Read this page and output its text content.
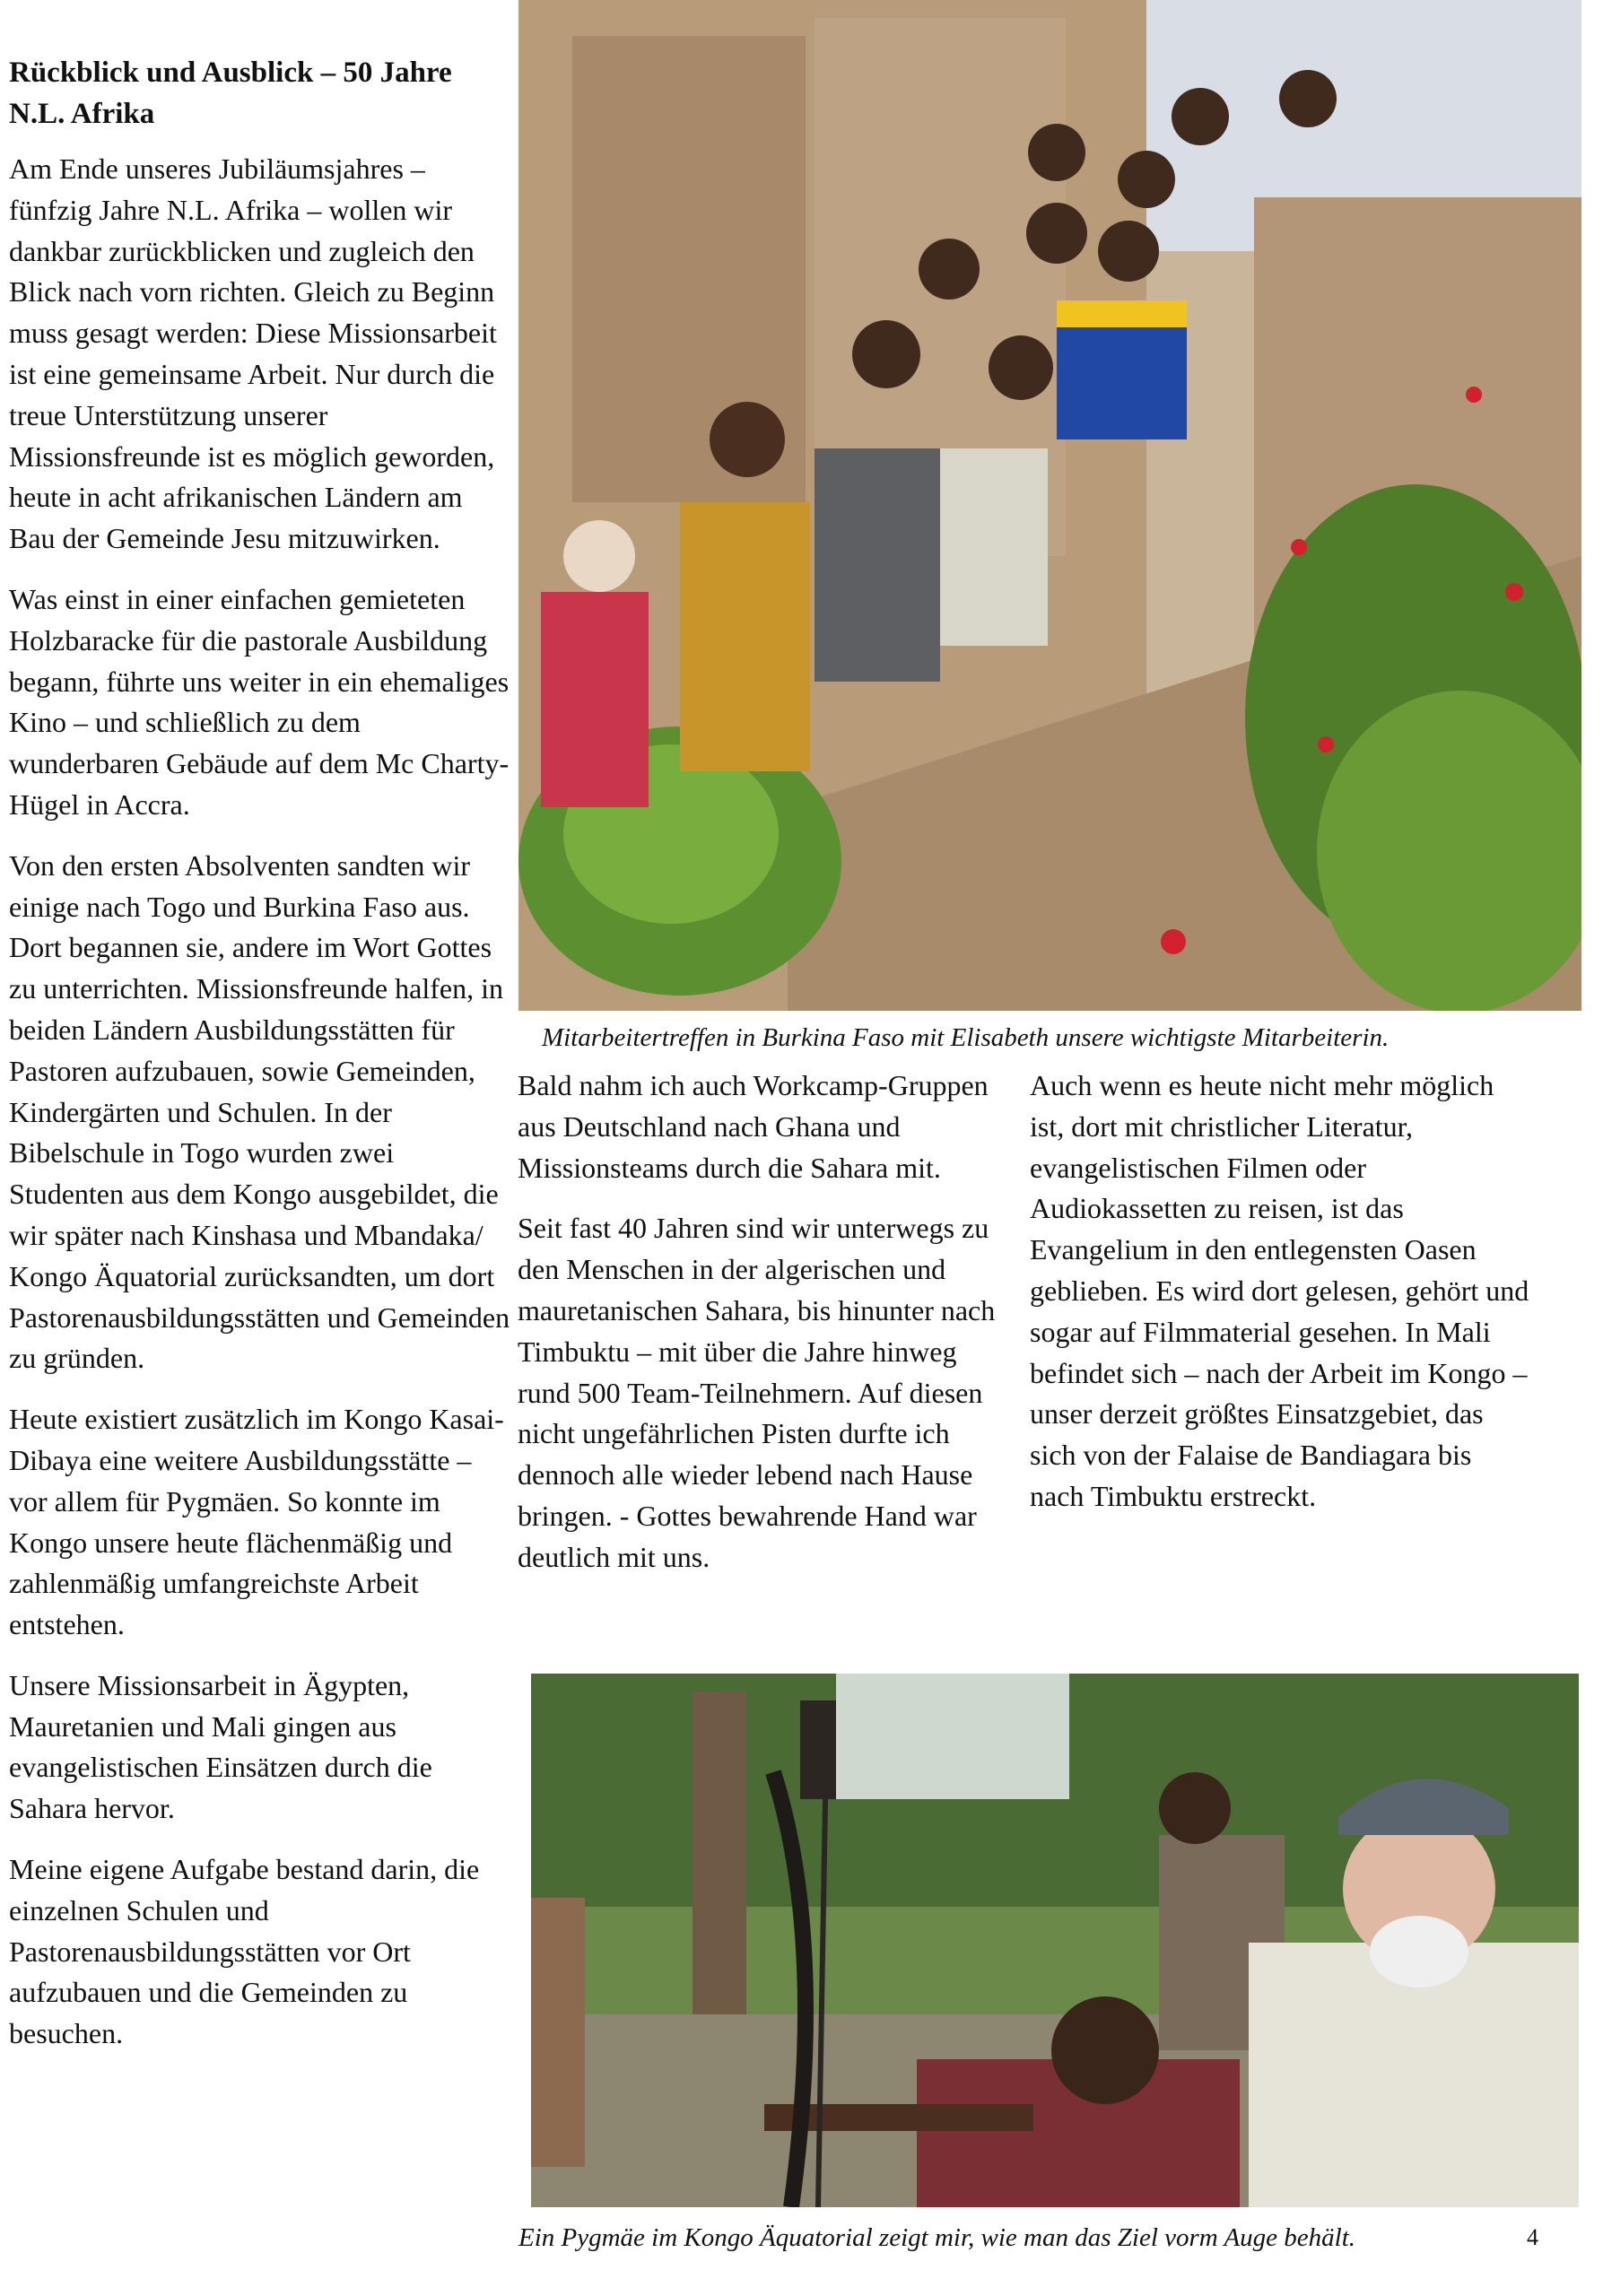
Rückblick und Ausblick – 50 Jahre N.L. Afrika

Am Ende unseres Jubiläumsjahres – fünfzig Jahre N.L. Afrika – wollen wir dankbar zurückblicken und zugleich den Blick nach vorn richten. Gleich zu Beginn muss gesagt werden: Diese Missionsarbeit ist eine gemeinsame Arbeit. Nur durch die treue Unterstützung unserer Missionsfreunde ist es möglich geworden, heute in acht afrikanischen Ländern am Bau der Gemeinde Jesu mitzuwirken.

Was einst in einer einfachen gemieteten Holzbaracke für die pastorale Ausbildung begann, führte uns weiter in ein ehemaliges Kino – und schließlich zu dem wunderbaren Gebäude auf dem Mc Charty-Hügel in Accra.

Von den ersten Absolventen sandten wir einige nach Togo und Burkina Faso aus. Dort begannen sie, andere im Wort Gottes zu unterrichten. Missionsfreunde halfen, in beiden Ländern Ausbildungsstätten für Pastoren aufzubauen, sowie Gemeinden, Kindergärten und Schulen. In der Bibelschule in Togo wurden zwei Studenten aus dem Kongo ausgebildet, die wir später nach Kinshasa und Mbandaka/ Kongo Äquatorial zurücksandten, um dort Pastorenausbildungsstätten und Gemeinden zu gründen.

Heute existiert zusätzlich im Kongo Kasai-Dibaya eine weitere Ausbildungsstätte – vor allem für Pygmäen. So konnte im Kongo unsere heute flächenmäßig und zahlenmäßig umfangreichste Arbeit entstehen.

Unsere Missionsarbeit in Ägypten, Mauretanien und Mali gingen aus evangelistischen Einsätzen durch die Sahara hervor.

Meine eigene Aufgabe bestand darin, die einzelnen Schulen und Pastorenausbildungsstätten vor Ort aufzubauen und die Gemeinden zu besuchen.

Mitarbeitertreffen in Burkina Faso mit Elisabeth unsere wichtigste Mitarbeiterin.

Bald nahm ich auch Workcamp-Gruppen aus Deutschland nach Ghana und Missionsteams durch die Sahara mit.

Seit fast 40 Jahren sind wir unterwegs zu den Menschen in der algerischen und mauretanischen Sahara, bis hinunter nach Timbuktu – mit über die Jahre hinweg rund 500 Team-Teilnehmern. Auf diesen nicht ungefährlichen Pisten durfte ich dennoch alle wieder lebend nach Hause bringen. - Gottes bewahrende Hand war deutlich mit uns.

Auch wenn es heute nicht mehr möglich ist, dort mit christlicher Literatur, evangelistischen Filmen oder Audiokassetten zu reisen, ist das Evangelium in den entlegensten Oasen geblieben. Es wird dort gelesen, gehört und sogar auf Filmmaterial gesehen. In Mali befindet sich – nach der Arbeit im Kongo – unser derzeit größtes Einsatzgebiet, das sich von der Falaise de Bandiagara bis nach Timbuktu erstreckt.

Ein Pygmäe im Kongo Äquatorial zeigt mir, wie man das Ziel vorm Auge behält.	4
